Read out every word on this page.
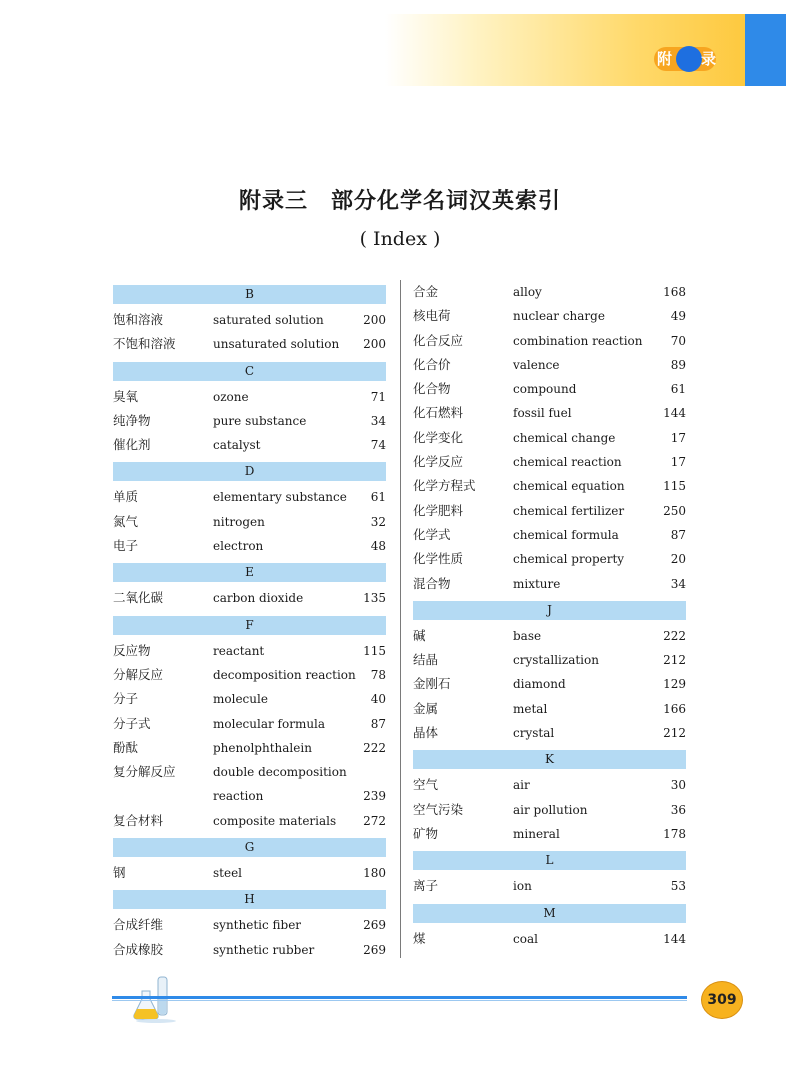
附 录
附录三　部分化学名词汉英索引
( Index )
B
饱和溶液	saturated solution	200
不饱和溶液	unsaturated solution 200
C
臭氧	ozone	71
纯净物	pure substance	34
催化剂	catalyst	74
D
单质	elementary substance 61
氮气	nitrogen	32
电子	electron	48
E
二氧化碳	carbon dioxide	135
F
反应物	reactant	115
分解反应	decomposition reaction 78
分子	molecule	40
分子式	molecular formula	87
酚酞	phenolphthalein	222
复分解反应	double decomposition
reaction	239
复合材料	composite materials 272
G
钢	steel	180
H
合成纤维	synthetic fiber	269
合成橡胶	synthetic rubber	269
合金	alloy	168
核电荷	nuclear charge	49
化合反应	combination reaction 70
化合价	valence	89
化合物	compound	61
化石燃料	fossil fuel	144
化学变化	chemical change	17
化学反应	chemical reaction	17
化学方程式	chemical equation	115
化学肥料	chemical fertilizer	250
化学式	chemical formula	87
化学性质	chemical property	20
混合物	mixture	34
J
碱	base	222
结晶	crystallization	212
金刚石	diamond	129
金属	metal	166
晶体	crystal	212
K
空气	air	30
空气污染	air pollution	36
矿物	mineral	178
L
离子	ion	53
M
煤	coal	144
309
